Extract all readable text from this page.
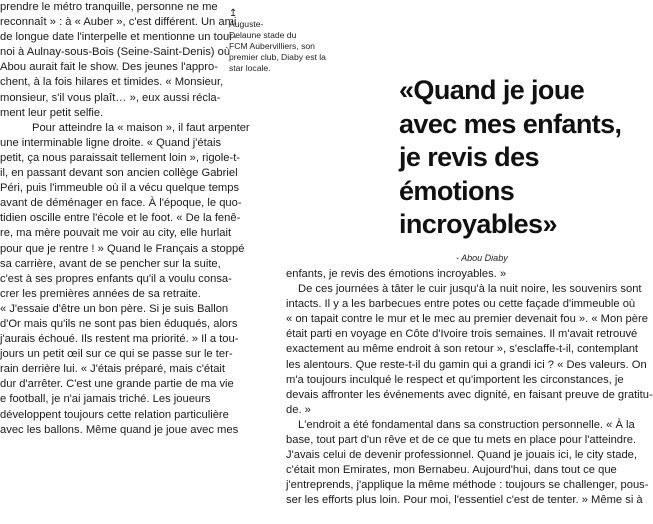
prendre le métro tranquille, personne ne me
reconnaît » : à « Auber », c'est différent. Un ami
de longue date l'interpelle et mentionne un tour-
noi à Aulnay-sous-Bois (Seine-Saint-Denis) où
Abou aurait fait le show. Des jeunes l'appro-
chent, à la fois hilares et timides. « Monsieur,
monsieur, s'il vous plaît… », eux aussi récla-
ment leur petit selfie.
Pour atteindre la « maison », il faut arpenter
une interminable ligne droite. « Quand j'étais
petit, ça nous paraissait tellement loin », rigole-t-
il, en passant devant son ancien collège Gabriel
Péri, puis l'immeuble où il a vécu quelque temps
avant de déménager en face. À l'époque, le quo-
tidien oscille entre l'école et le foot. « De la fenê-
re, ma mère pouvait me voir au city, elle hurlait
pour que je rentre ! » Quand le Français a stoppé
sa carrière, avant de se pencher sur la suite,
c'est à ses propres enfants qu'il a voulu consa-
crer les premières années de sa retraite.
« J'essaie d'être un bon père. Si je suis Ballon
d'Or mais qu'ils ne sont pas bien éduqués, alors
j'aurais échoué. Ils restent ma priorité. » Il a tou-
jours un petit œil sur ce qui se passe sur le ter-
rain derrière lui. « J'étais préparé, mais c'était
dur d'arrêter. C'est une grande partie de ma vie
e football, je n'ai jamais triché. Les joueurs
développent toujours cette relation particulière
avec les ballons. Même quand je joue avec mes
↥
Auguste-
Delaune stade du
FCM Aubervilliers, son
premier club, Diaby est la
star locale.
«Quand je joue
avec mes enfants,
je revis des
émotions
incroyables»
- Abou Diaby
enfants, je revis des émotions incroyables. »
De ces journées à tâter le cuir jusqu'à la nuit noire, les souvenirs sont
intacts. Il y a les barbecues entre potes ou cette façade d'immeuble où
« on tapait contre le mur et le mec au premier devenait fou ». « Mon père
était parti en voyage en Côte d'Ivoire trois semaines. Il m'avait retrouvé
exactement au même endroit à son retour », s'esclaffe-t-il, contemplant
les alentours. Que reste-t-il du gamin qui a grandi ici ? « Des valeurs. On
m'a toujours inculqué le respect et qu'importent les circonstances, je
devais affronter les événements avec dignité, en faisant preuve de gratitu-
de. »
L'endroit a été fondamental dans sa construction personnelle. « À la
base, tout part d'un rêve et de ce que tu mets en place pour l'atteindre.
J'avais celui de devenir professionnel. Quand je jouais ici, le city stade,
c'était mon Emirates, mon Bernabeu. Aujourd'hui, dans tout ce que
j'entreprends, j'applique la même méthode : toujours se challenger, pous-
ser les efforts plus loin. Pour moi, l'essentiel c'est de tenter. » Même si à
